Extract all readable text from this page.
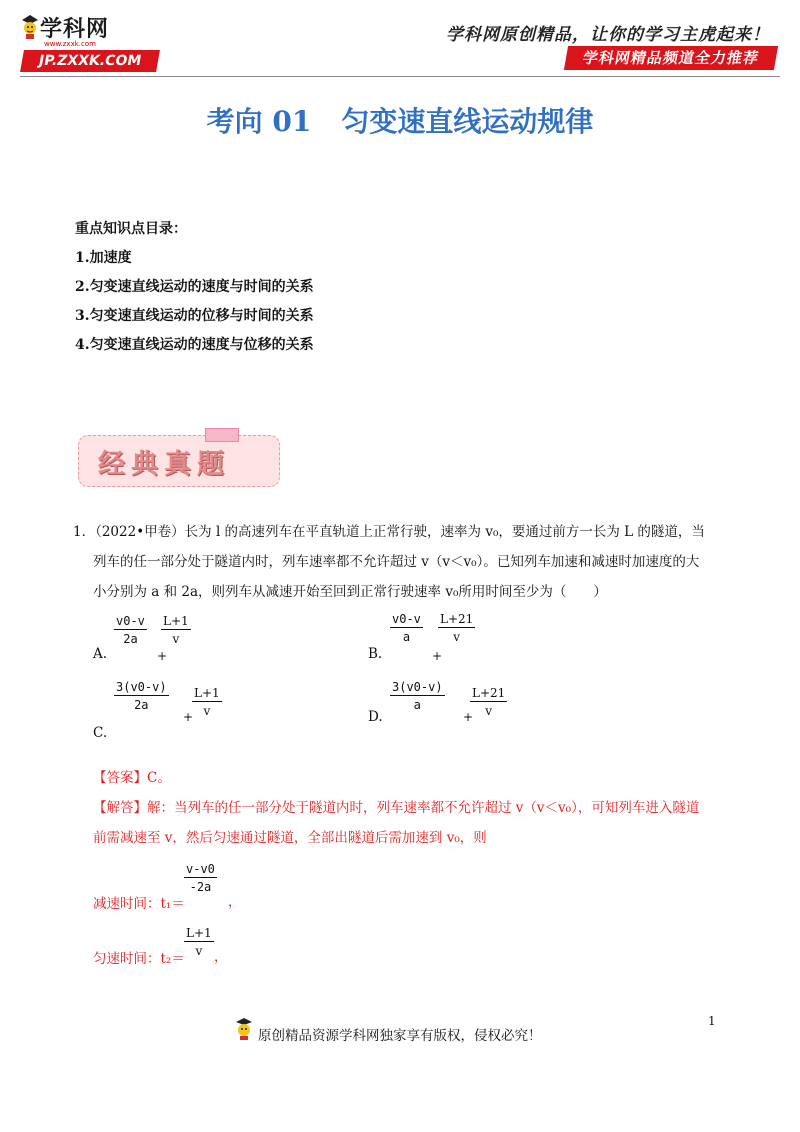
学科网
www.zxxk.com
JP.ZXXK.COM
学科网原创精品，让你的学习主虎起来！
学科网精品频道全力推荐
考向 01 匀变速直线运动规律
重点知识点目录：
1.加速度
2.匀变速直线运动的速度与时间的关系
3.匀变速直线运动的位移与时间的关系
4.匀变速直线运动的速度与位移的关系
经典真题
1．（2022•甲卷）长为 l 的高速列车在平直轨道上正常行驶，速率为 v₀，要通过前方一长为 L 的隧道，当
列车的任一部分处于隧道内时，列车速率都不允许超过 v（v＜v₀）。已知列车加速和减速时加速度的大
小分别为 a 和 2a，则列车从减速开始至回到正常行驶速率 v₀所用时间至少为（　　）
A.
$\frac{v0-v}{2a}$
+
$\frac{L+1}{v}$
B.
$\frac{v0-v}{a}$
+
$\frac{L+21}{v}$
$\frac{3(v0-v)}{2a}$
+
$\frac{L+1}{v}$
C.
D.
$\frac{3(v0-v)}{a}$
+
$\frac{L+21}{v}$
【答案】C。
【解答】解：当列车的任一部分处于隧道内时，列车速率都不允许超过 v（v＜v₀），可知列车进入隧道
前需减速至 v，然后匀速通过隧道，全部出隧道后需加速到 v₀，则
减速时间：t₁＝
$\frac{v-v0}{-2a}$
，
匀速时间：t₂＝
$\frac{L+1}{v}$ ，
1
原创精品资源学科网独家享有版权，侵权必究！
